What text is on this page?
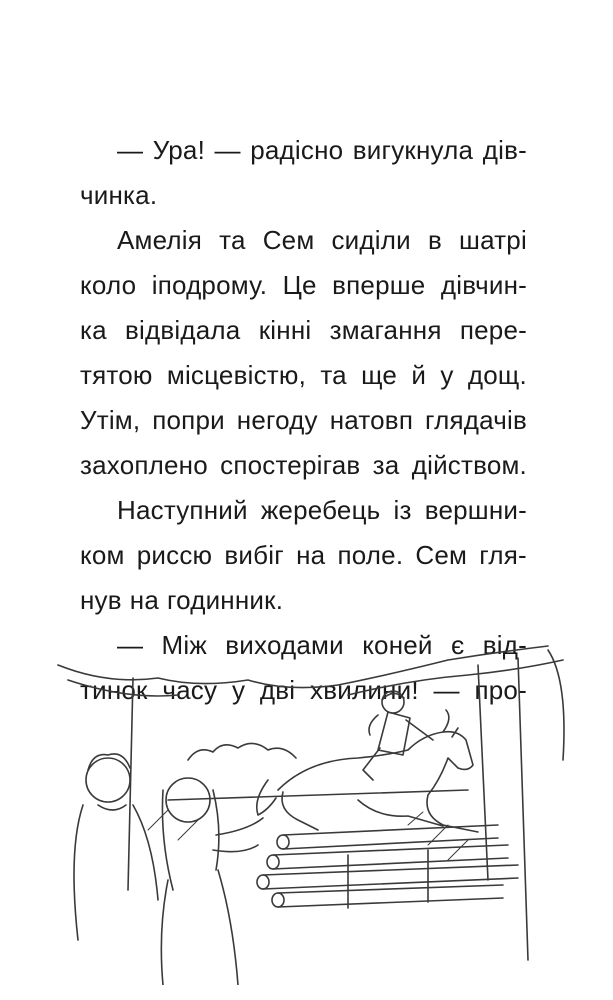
— Ура! — радісно вигукнула дів-
чинка.
Амелія та Сем сиділи в шатрі
коло іподрому. Це вперше дівчин-
ка відвідала кінні змагання пере-
тятою місцевістю, та ще й у дощ.
Утім, попри негоду натовп глядачів
захоплено спостерігав за дійством.
Наступний жеребець із вершни-
ком риссю вибіг на поле. Сем гля-
нув на годинник.
— Між виходами коней є від-
тинок часу у дві хвилини! — про-
